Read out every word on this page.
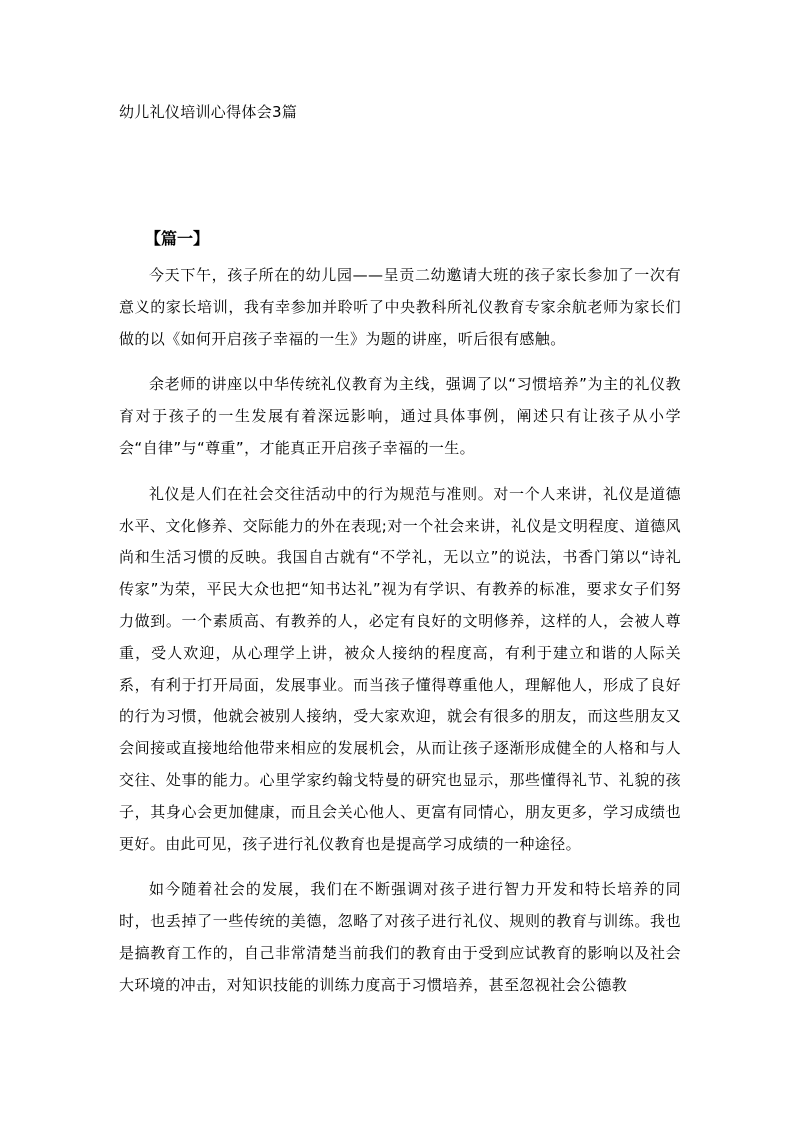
幼儿礼仪培训心得体会3篇
【篇一】

今天下午，孩子所在的幼儿园——呈贡二幼邀请大班的孩子家长参加了一次有意义的家长培训，我有幸参加并聆听了中央教科所礼仪教育专家余航老师为家长们做的以《如何开启孩子幸福的一生》为题的讲座，听后很有感触。

余老师的讲座以中华传统礼仪教育为主线，强调了以“习惯培养”为主的礼仪教育对于孩子的一生发展有着深远影响，通过具体事例，阐述只有让孩子从小学会“自律”与“尊重”，才能真正开启孩子幸福的一生。

礼仪是人们在社会交往活动中的行为规范与准则。对一个人来讲，礼仪是道德水平、文化修养、交际能力的外在表现;对一个社会来讲，礼仪是文明程度、道德风尚和生活习惯的反映。我国自古就有“不学礼，无以立”的说法，书香门第以“诗礼传家”为荣，平民大众也把“知书达礼”视为有学识、有教养的标准，要求女子们努力做到。一个素质高、有教养的人，必定有良好的文明修养，这样的人，会被人尊重，受人欢迎，从心理学上讲，被众人接纳的程度高，有利于建立和谐的人际关系，有利于打开局面，发展事业。而当孩子懂得尊重他人，理解他人，形成了良好的行为习惯，他就会被别人接纳，受大家欢迎，就会有很多的朋友，而这些朋友又会间接或直接地给他带来相应的发展机会，从而让孩子逐渐形成健全的人格和与人交往、处事的能力。心里学家约翰戈特曼的研究也显示，那些懂得礼节、礼貌的孩子，其身心会更加健康，而且会关心他人、更富有同情心，朋友更多，学习成绩也更好。由此可见，孩子进行礼仪教育也是提高学习成绩的一种途径。

如今随着社会的发展，我们在不断强调对孩子进行智力开发和特长培养的同时，也丢掉了一些传统的美德，忽略了对孩子进行礼仪、规则的教育与训练。我也是搞教育工作的，自己非常清楚当前我们的教育由于受到应试教育的影响以及社会大环境的冲击，对知识技能的训练力度高于习惯培养，甚至忽视社会公德教
